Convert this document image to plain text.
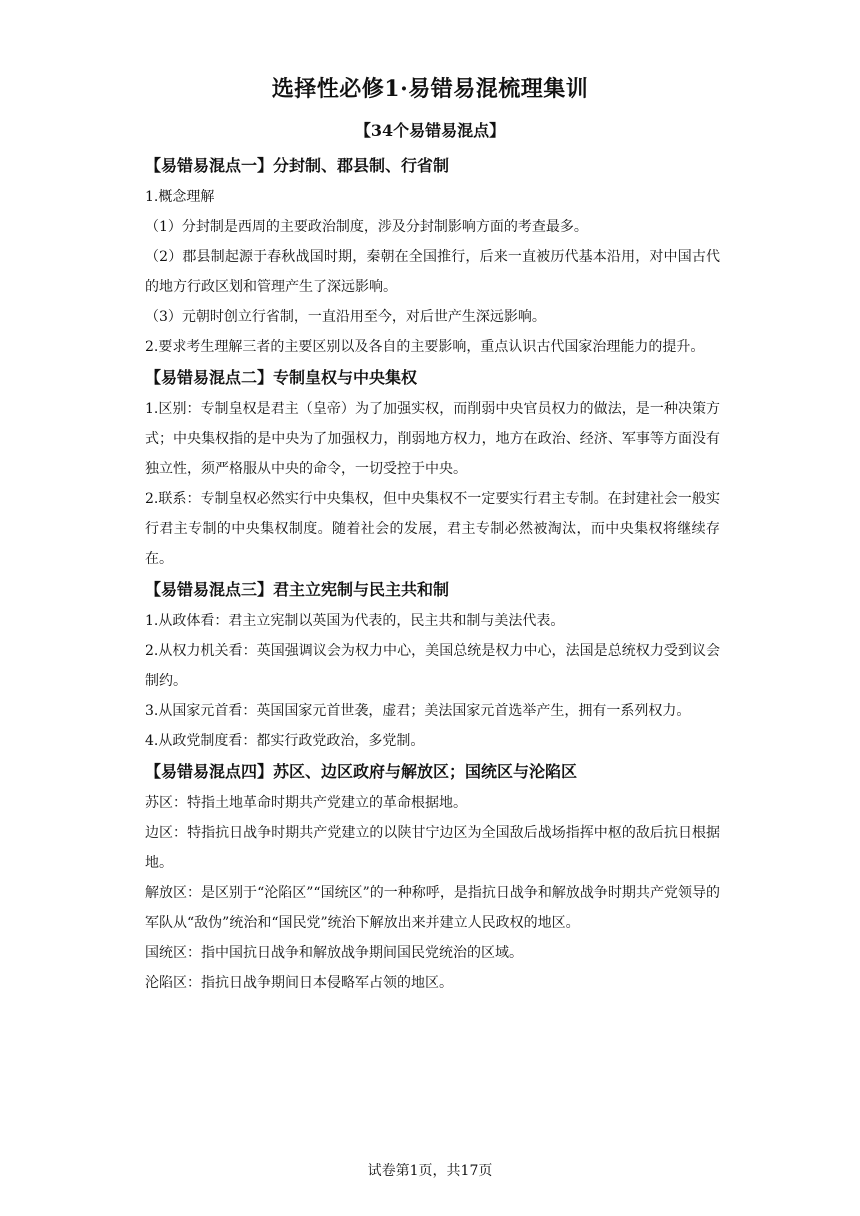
选择性必修1·易错易混梳理集训
【34个易错易混点】

【易错易混点一】分封制、郡县制、行省制

1.概念理解

（1）分封制是西周的主要政治制度，涉及分封制影响方面的考查最多。

（2）郡县制起源于春秋战国时期，秦朝在全国推行，后来一直被历代基本沿用，对中国古代的地方行政区划和管理产生了深远影响。

（3）元朝时创立行省制，一直沿用至今，对后世产生深远影响。

2.要求考生理解三者的主要区别以及各自的主要影响，重点认识古代国家治理能力的提升。

【易错易混点二】专制皇权与中央集权

1.区别：专制皇权是君主（皇帝）为了加强实权，而削弱中央官员权力的做法，是一种决策方式；中央集权指的是中央为了加强权力，削弱地方权力，地方在政治、经济、军事等方面没有独立性，须严格服从中央的命令，一切受控于中央。

2.联系：专制皇权必然实行中央集权，但中央集权不一定要实行君主专制。在封建社会一般实行君主专制的中央集权制度。随着社会的发展，君主专制必然被淘汰，而中央集权将继续存在。

【易错易混点三】君主立宪制与民主共和制

1.从政体看：君主立宪制以英国为代表的，民主共和制与美法代表。

2.从权力机关看：英国强调议会为权力中心，美国总统是权力中心，法国是总统权力受到议会制约。

3.从国家元首看：英国国家元首世袭，虚君；美法国家元首选举产生，拥有一系列权力。

4.从政党制度看：都实行政党政治，多党制。

【易错易混点四】苏区、边区政府与解放区；国统区与沦陷区

苏区：特指土地革命时期共产党建立的革命根据地。

边区：特指抗日战争时期共产党建立的以陕甘宁边区为全国敌后战场指挥中枢的敌后抗日根据地。

解放区：是区别于“沦陷区”“国统区”的一种称呼，是指抗日战争和解放战争时期共产党领导的军队从“敌伪”统治和“国民党”统治下解放出来并建立人民政权的地区。

国统区：指中国抗日战争和解放战争期间国民党统治的区域。

沦陷区：指抗日战争期间日本侵略军占领的地区。

试卷第1页，共17页
